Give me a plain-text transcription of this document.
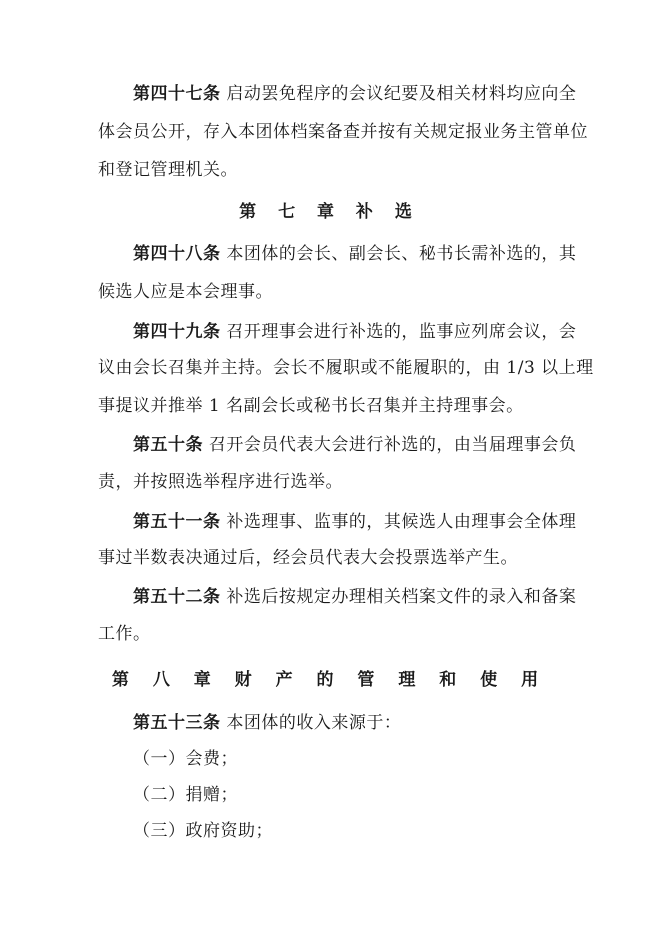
第四十七条 启动罢免程序的会议纪要及相关材料均应向全
体会员公开，存入本团体档案备查并按有关规定报业务主管单位
和登记管理机关。
第 七 章 补 选
第四十八条 本团体的会长、副会长、秘书长需补选的，其
候选人应是本会理事。
第四十九条 召开理事会进行补选的，监事应列席会议，会
议由会长召集并主持。会长不履职或不能履职的，由 1/3 以上理
事提议并推举 1 名副会长或秘书长召集并主持理事会。
第五十条 召开会员代表大会进行补选的，由当届理事会负
责，并按照选举程序进行选举。
第五十一条 补选理事、监事的，其候选人由理事会全体理
事过半数表决通过后，经会员代表大会投票选举产生。
第五十二条 补选后按规定办理相关档案文件的录入和备案
工作。
第 八 章 财 产 的 管 理 和 使 用
第五十三条 本团体的收入来源于：
（一）会费；
（二）捐赠；
（三）政府资助；
